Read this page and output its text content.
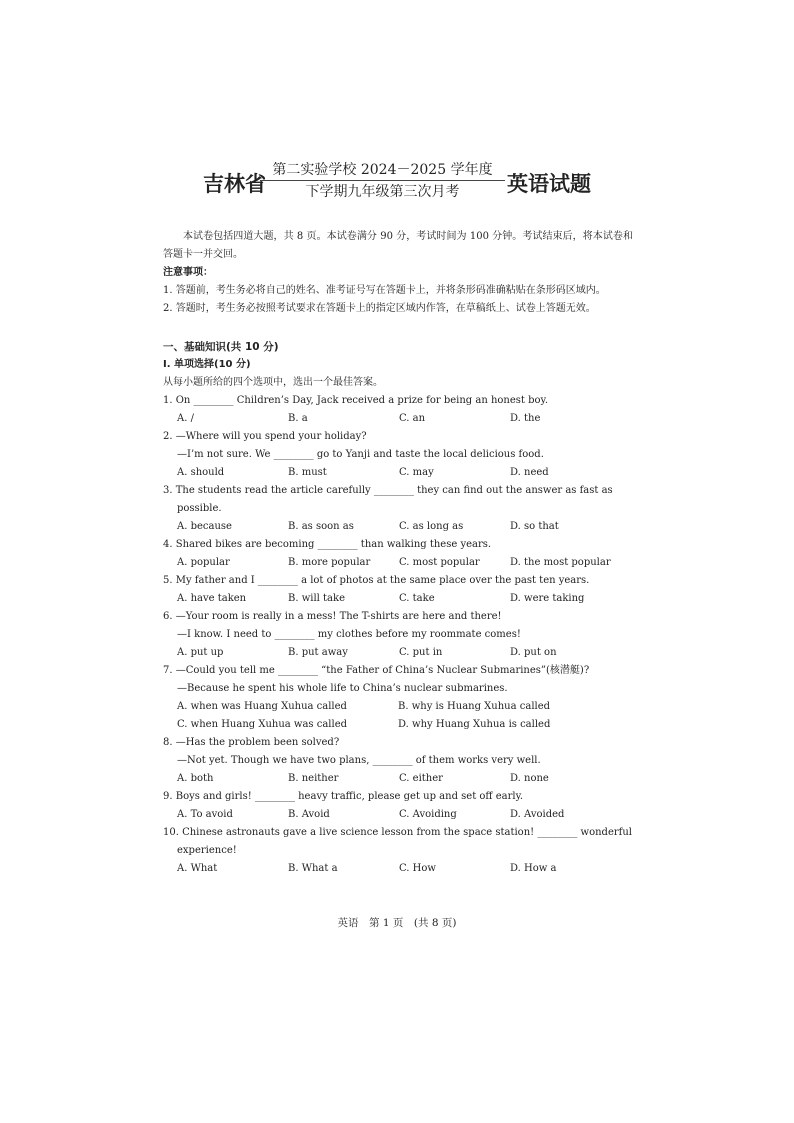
吉林省
第二实验学校 2024－2025 学年度
下学期九年级第三次月考	英语试题

本试卷包括四道大题，共 8 页。本试卷满分 90 分，考试时间为 100 分钟。考试结束后，将本试卷和答题卡一并交回。

注意事项：

1. 答题前，考生务必将自己的姓名、准考证号写在答题卡上，并将条形码准确粘贴在条形码区域内。

2. 答题时，考生务必按照考试要求在答题卡上的指定区域内作答，在草稿纸上、试卷上答题无效。

一、基础知识(共 10 分)

Ⅰ. 单项选择(10 分)

从每小题所给的四个选项中，选出一个最佳答案。

1. On ________ Children’s Day, Jack received a prize for being an honest boy.

A. /	B. a	C. an	D. the

2. —Where will you spend your holiday?

—I’m not sure. We ________ go to Yanji and taste the local delicious food.

A. should	B. must	C. may	D. need

3. The students read the article carefully ________ they can find out the answer as fast as possible.

A. because	B. as soon as	C. as long as	D. so that

4. Shared bikes are becoming ________ than walking these years.

A. popular	B. more popular	C. most popular	D. the most popular

5. My father and I ________ a lot of photos at the same place over the past ten years.

A. have taken	B. will take	C. take	D. were taking

6. —Your room is really in a mess! The T-shirts are here and there!

—I know. I need to ________ my clothes before my roommate comes!

A. put up	B. put away	C. put in	D. put on

7. —Could you tell me ________ “the Father of China’s Nuclear Submarines”(核潜艇)?

—Because he spent his whole life to China’s nuclear submarines.

A. when was Huang Xuhua called	B. why is Huang Xuhua called
C. when Huang Xuhua was called	D. why Huang Xuhua is called

8. —Has the problem been solved?

—Not yet. Though we have two plans, ________ of them works very well.

A. both	B. neither	C. either	D. none

9. Boys and girls! ________ heavy traffic, please get up and set off early.

A. To avoid	B. Avoid	C. Avoiding	D. Avoided

10. Chinese astronauts gave a live science lesson from the space station! ________ wonderful experience!

A. What	B. What a	C. How	D. How a
英语　第 1 页　(共 8 页)
